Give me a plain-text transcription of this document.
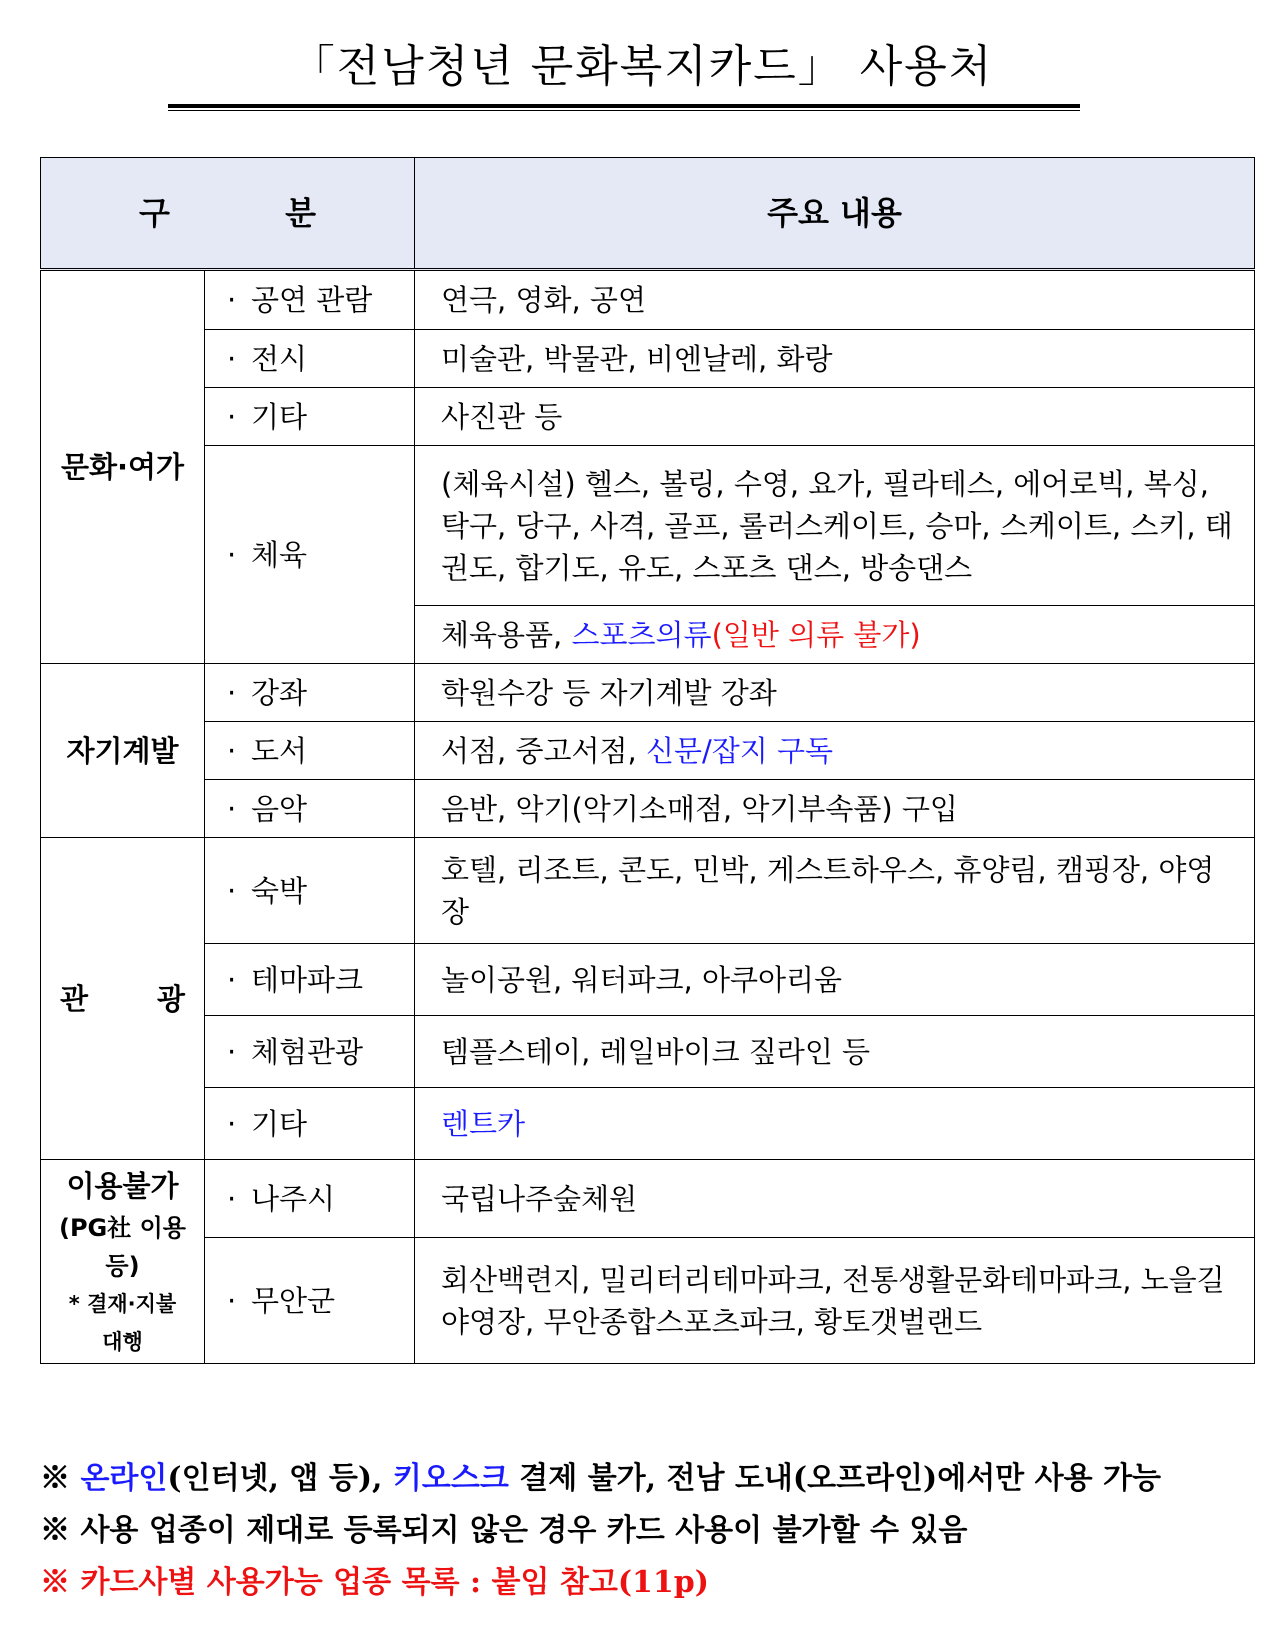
「전남청년 문화복지카드」 사용처
구 분		주요 내용
문화·여가	· 공연 관람	연극, 영화, 공연
	· 전시	미술관, 박물관, 비엔날레, 화랑
	· 기타	사진관 등
	· 체육	(체육시설) 헬스, 볼링, 수영, 요가, 필라테스, 에어로빅, 복싱, 탁구, 당구, 사격, 골프, 롤러스케이트, 승마, 스케이트, 스키, 태권도, 합기도, 유도, 스포츠 댄스, 방송댄스
		체육용품, 스포츠의류(일반 의류 불가)
자기계발	· 강좌	학원수강 등 자기계발 강좌
	· 도서	서점, 중고서점, 신문/잡지 구독
	· 음악	음반, 악기(악기소매점, 악기부속품) 구입

관 광	· 숙박	호텔, 리조트, 콘도, 민박, 게스트하우스, 휴양림, 캠핑장, 야영장
	· 테마파크	놀이공원, 워터파크, 아쿠아리움
	· 체험관광	템플스테이, 레일바이크 짚라인 등
	· 기타	렌트카

이용불가
(PG社 이용 등)
* 결재·지불
대행	· 나주시	국립나주숲체원
	· 무안군	회산백련지, 밀리터리테마파크, 전통생활문화테마파크, 노을길야영장, 무안종합스포츠파크, 황토갯벌랜드
※ 온라인(인터넷, 앱 등), 키오스크 결제 불가, 전남 도내(오프라인)에서만 사용 가능
※ 사용 업종이 제대로 등록되지 않은 경우 카드 사용이 불가할 수 있음
※ 카드사별 사용가능 업종 목록 : 붙임 참고(11p)
